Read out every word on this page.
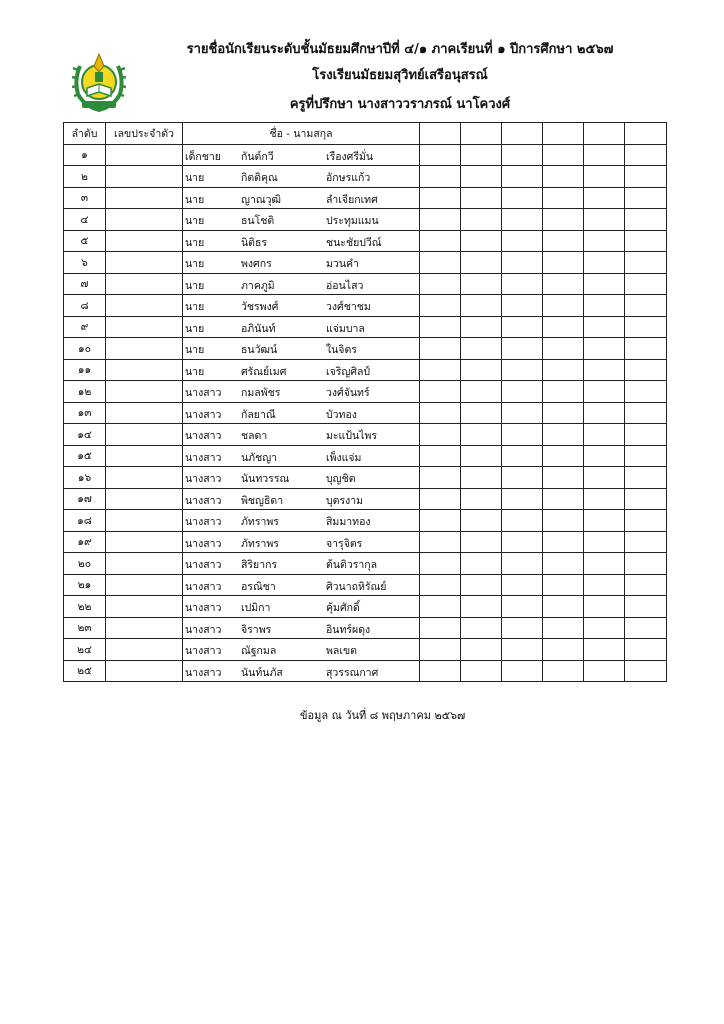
รายชื่อนักเรียนระดับชั้นมัธยมศึกษาปีที่ ๔/๑ ภาคเรียนที่ ๑ ปีการศึกษา ๒๕๖๗
โรงเรียนมัธยมสุวิทย์เสรีอนุสรณ์
ครูที่ปรึกษา นางสาววราภรณ์ นาโควงศ์
ลำดับ	เลขประจำตัว	ชื่อ - นามสกุล						
๑		เด็กชาย กันต์กวี เรืองศรีมั่น						

๒		นาย กิตติคุณ อักษรแก้ว						

๓		นาย ญาณวุฒิ ลำเจียกเทศ						

๔		นาย ธนโชติ ประทุมแมน						

๕		นาย นิติธร ชนะชัยปวีณ์						

๖		นาย พงศกร มวนคำ						

๗		นาย ภาคภูมิ อ่อนไสว						

๘		นาย วัชรพงศ์ วงศ์ชาชม						

๙		นาย อภินันท์ แจ่มบาล						

๑๐		นาย ธนวัฒน์ ในจิตร						

๑๑		นาย ศรัณย์เมศ เจริญศิลป์						

๑๒		นางสาว กมลพัชร วงศ์จันทร์						

๑๓		นางสาว กัลยาณี บัวทอง						

๑๔		นางสาว ชลดา มะแป้นไพร						

๑๕		นางสาว นภัชญา เพ็งแจ่ม						

๑๖		นางสาว นันทวรรณ บุญชิต						

๑๗		นางสาว พิชญธิดา บุตรงาม						

๑๘		นางสาว ภัทราพร สิมมาทอง						

๑๙		นางสาว ภัทราพร จารุจิตร						

๒๐		นางสาว สิริยากร ต้นติวรากุล						

๒๑		นางสาว อรณิชา ศิวนาถหิรัณย์						

๒๒		นางสาว เปมิกา คุ้มศักดิ์						

๒๓		นางสาว จิราพร อินทร์ผดุง						

๒๔		นางสาว ณัฐกมล พลเขต						

๒๕		นางสาว นันท์นภัส สุวรรณกาศ						

ข้อมูล ณ วันที่ ๘ พฤษภาคม ๒๕๖๗
